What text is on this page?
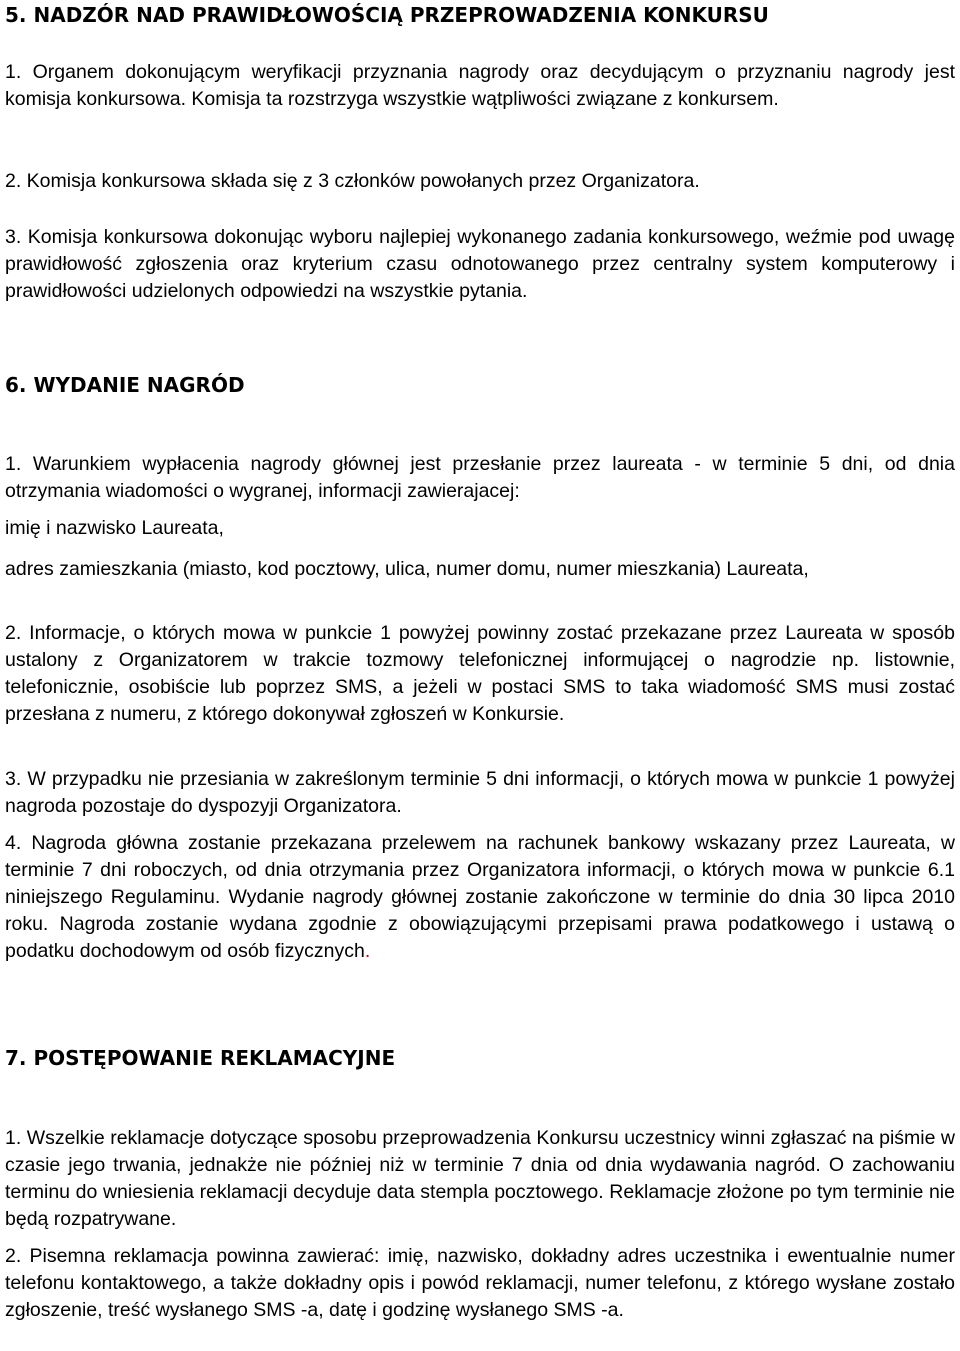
5. NADZÓR NAD PRAWIDŁOWOŚCIĄ PRZEPROWADZENIA KONKURSU

1. Organem dokonującym weryfikacji przyznania nagrody oraz decydującym o przyznaniu nagrody jest komisja konkursowa. Komisja ta rozstrzyga wszystkie wątpliwości związane z konkursem.

2. Komisja konkursowa składa się z 3 członków powołanych przez Organizatora.

3. Komisja konkursowa dokonując wyboru najlepiej wykonanego zadania konkursowego, weźmie pod uwagę prawidłowość zgłoszenia oraz kryterium czasu odnotowanego przez centralny system komputerowy i prawidłowości udzielonych odpowiedzi na wszystkie pytania.

6. WYDANIE NAGRÓD

1. Warunkiem wypłacenia nagrody głównej jest przesłanie przez laureata - w terminie 5 dni, od dnia otrzymania wiadomości o wygranej, informacji zawierajacej:

imię i nazwisko Laureata,

adres zamieszkania (miasto, kod pocztowy, ulica, numer domu, numer mieszkania) Laureata,

2. Informacje, o których mowa w punkcie 1 powyżej powinny zostać przekazane przez Laureata w sposób ustalony z Organizatorem w trakcie tozmowy telefonicznej informującej o nagrodzie np. listownie, telefonicznie, osobiście lub poprzez SMS, a jeżeli w postaci SMS to taka wiadomość SMS musi zostać przesłana z numeru, z którego dokonywał zgłoszeń w Konkursie.

3. W przypadku nie przesiania w zakreślonym terminie 5 dni informacji, o których mowa w punkcie 1 powyżej nagroda pozostaje do dyspozyji Organizatora.

4. Nagroda główna zostanie przekazana przelewem na rachunek bankowy wskazany przez Laureata, w terminie 7 dni roboczych, od dnia otrzymania przez Organizatora informacji, o których mowa w punkcie 6.1 niniejszego Regulaminu. Wydanie nagrody głównej zostanie zakończone w terminie do dnia 30 lipca 2010 roku. Nagroda zostanie wydana zgodnie z obowiązującymi przepisami prawa podatkowego i ustawą o podatku dochodowym od osób fizycznych.

7. POSTĘPOWANIE REKLAMACYJNE

1. Wszelkie reklamacje dotyczące sposobu przeprowadzenia Konkursu uczestnicy winni zgłaszać na piśmie w czasie jego trwania, jednakże nie później niż w terminie 7 dnia od dnia wydawania nagród. O zachowaniu terminu do wniesienia reklamacji decyduje data stempla pocztowego. Reklamacje złożone po tym terminie nie będą rozpatrywane.

2. Pisemna reklamacja powinna zawierać: imię, nazwisko, dokładny adres uczestnika i ewentualnie numer telefonu kontaktowego, a także dokładny opis i powód reklamacji, numer telefonu, z którego wysłane zostało zgłoszenie, treść wysłanego SMS -a, datę i godzinę wysłanego SMS -a.
